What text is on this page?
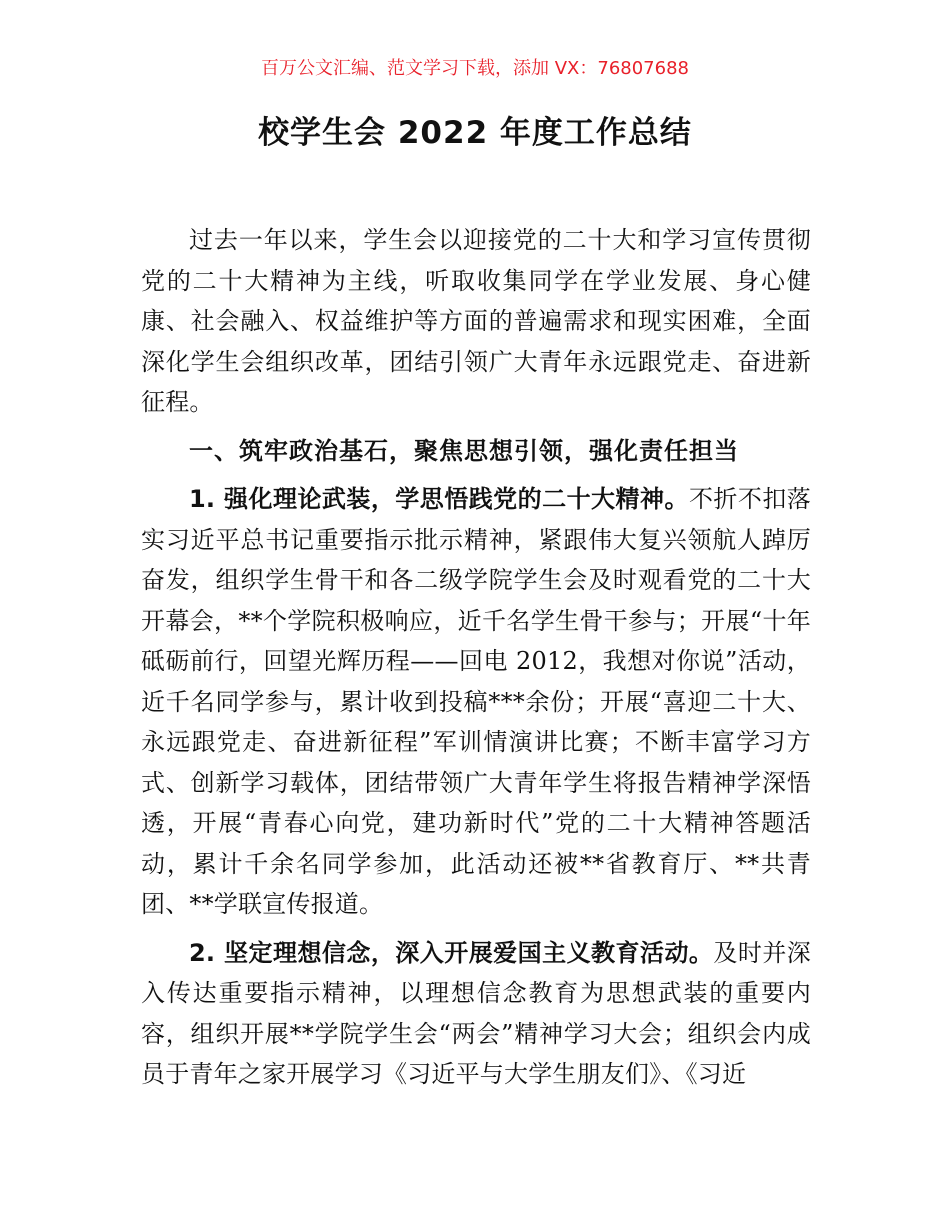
百万公文汇编、范文学习下载，添加 VX：76807688
校学生会 2022 年度工作总结

过去一年以来，学生会以迎接党的二十大和学习宣传贯彻党的二十大精神为主线，听取收集同学在学业发展、身心健康、社会融入、权益维护等方面的普遍需求和现实困难，全面深化学生会组织改革，团结引领广大青年永远跟党走、奋进新征程。

一、筑牢政治基石，聚焦思想引领，强化责任担当

1. 强化理论武装，学思悟践党的二十大精神。不折不扣落实习近平总书记重要指示批示精神，紧跟伟大复兴领航人踔厉奋发，组织学生骨干和各二级学院学生会及时观看党的二十大开幕会，**个学院积极响应，近千名学生骨干参与；开展“十年砥砺前行，回望光辉历程——回电 2012，我想对你说”活动，近千名同学参与，累计收到投稿***余份；开展“喜迎二十大、永远跟党走、奋进新征程”军训情演讲比赛；不断丰富学习方式、创新学习载体，团结带领广大青年学生将报告精神学深悟透，开展“青春心向党，建功新时代”党的二十大精神答题活动，累计千余名同学参加，此活动还被**省教育厅、**共青团、**学联宣传报道。

2. 坚定理想信念，深入开展爱国主义教育活动。及时并深入传达重要指示精神，以理想信念教育为思想武装的重要内容，组织开展**学院学生会“两会”精神学习大会；组织会内成员于青年之家开展学习《习近平与大学生朋友们》、《习近
